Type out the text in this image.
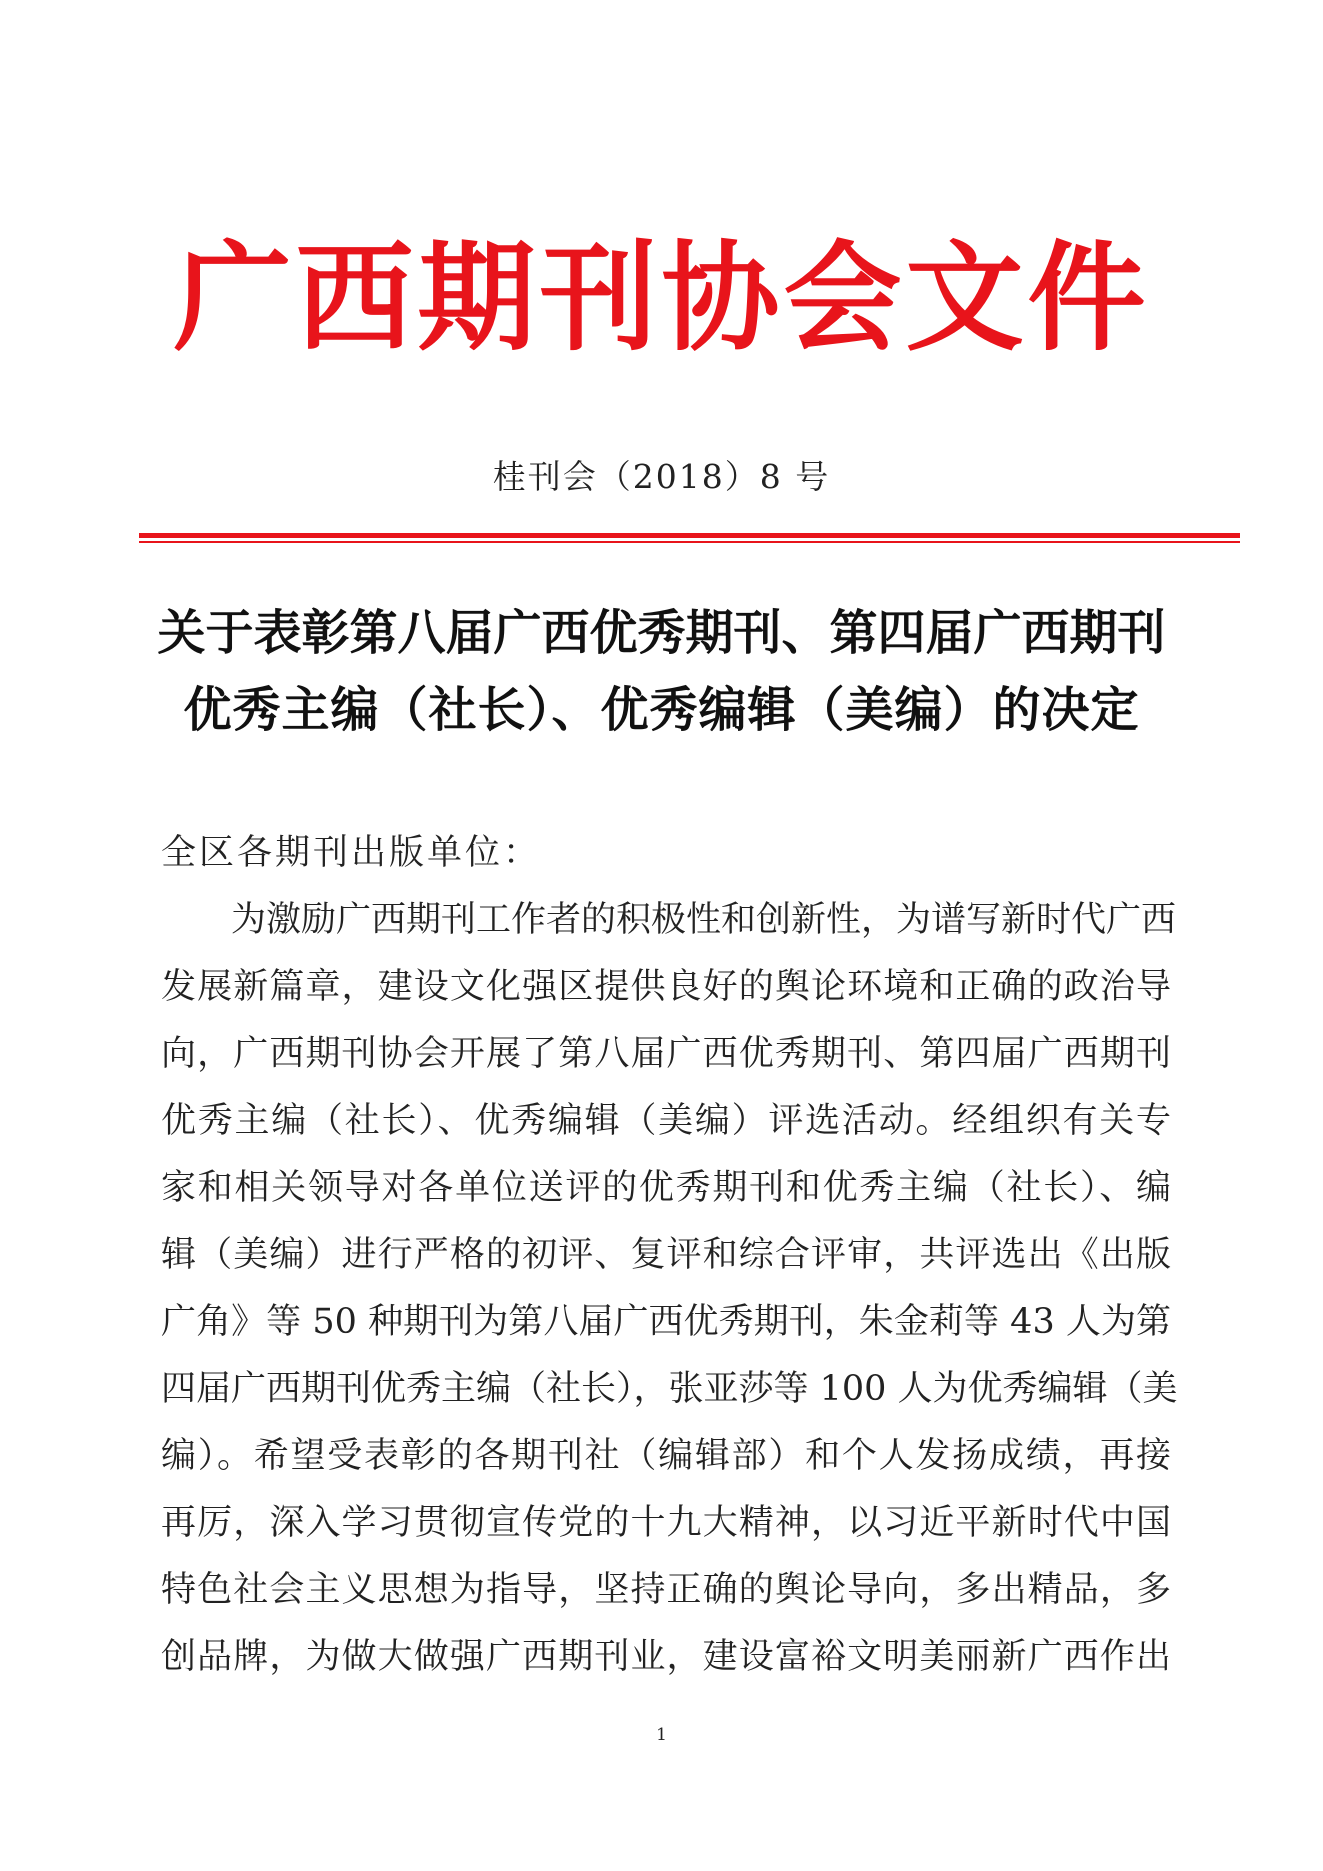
广西期刊协会文件
桂刊会（2018）8 号
关于表彰第八届广西优秀期刊、第四届广西期刊
优秀主编（社长）、优秀编辑（美编）的决定
全区各期刊出版单位：
为激励广西期刊工作者的积极性和创新性，为谱写新时代广西
发展新篇章，建设文化强区提供良好的舆论环境和正确的政治导
向，广西期刊协会开展了第八届广西优秀期刊、第四届广西期刊
优秀主编（社长）、优秀编辑（美编）评选活动。经组织有关专
家和相关领导对各单位送评的优秀期刊和优秀主编（社长）、编
辑（美编）进行严格的初评、复评和综合评审，共评选出《出版
广角》等 50 种期刊为第八届广西优秀期刊，朱金莉等 43 人为第
四届广西期刊优秀主编（社长），张亚莎等 100 人为优秀编辑（美
编）。希望受表彰的各期刊社（编辑部）和个人发扬成绩，再接
再厉，深入学习贯彻宣传党的十九大精神，以习近平新时代中国
特色社会主义思想为指导，坚持正确的舆论导向，多出精品，多
创品牌，为做大做强广西期刊业，建设富裕文明美丽新广西作出
1
